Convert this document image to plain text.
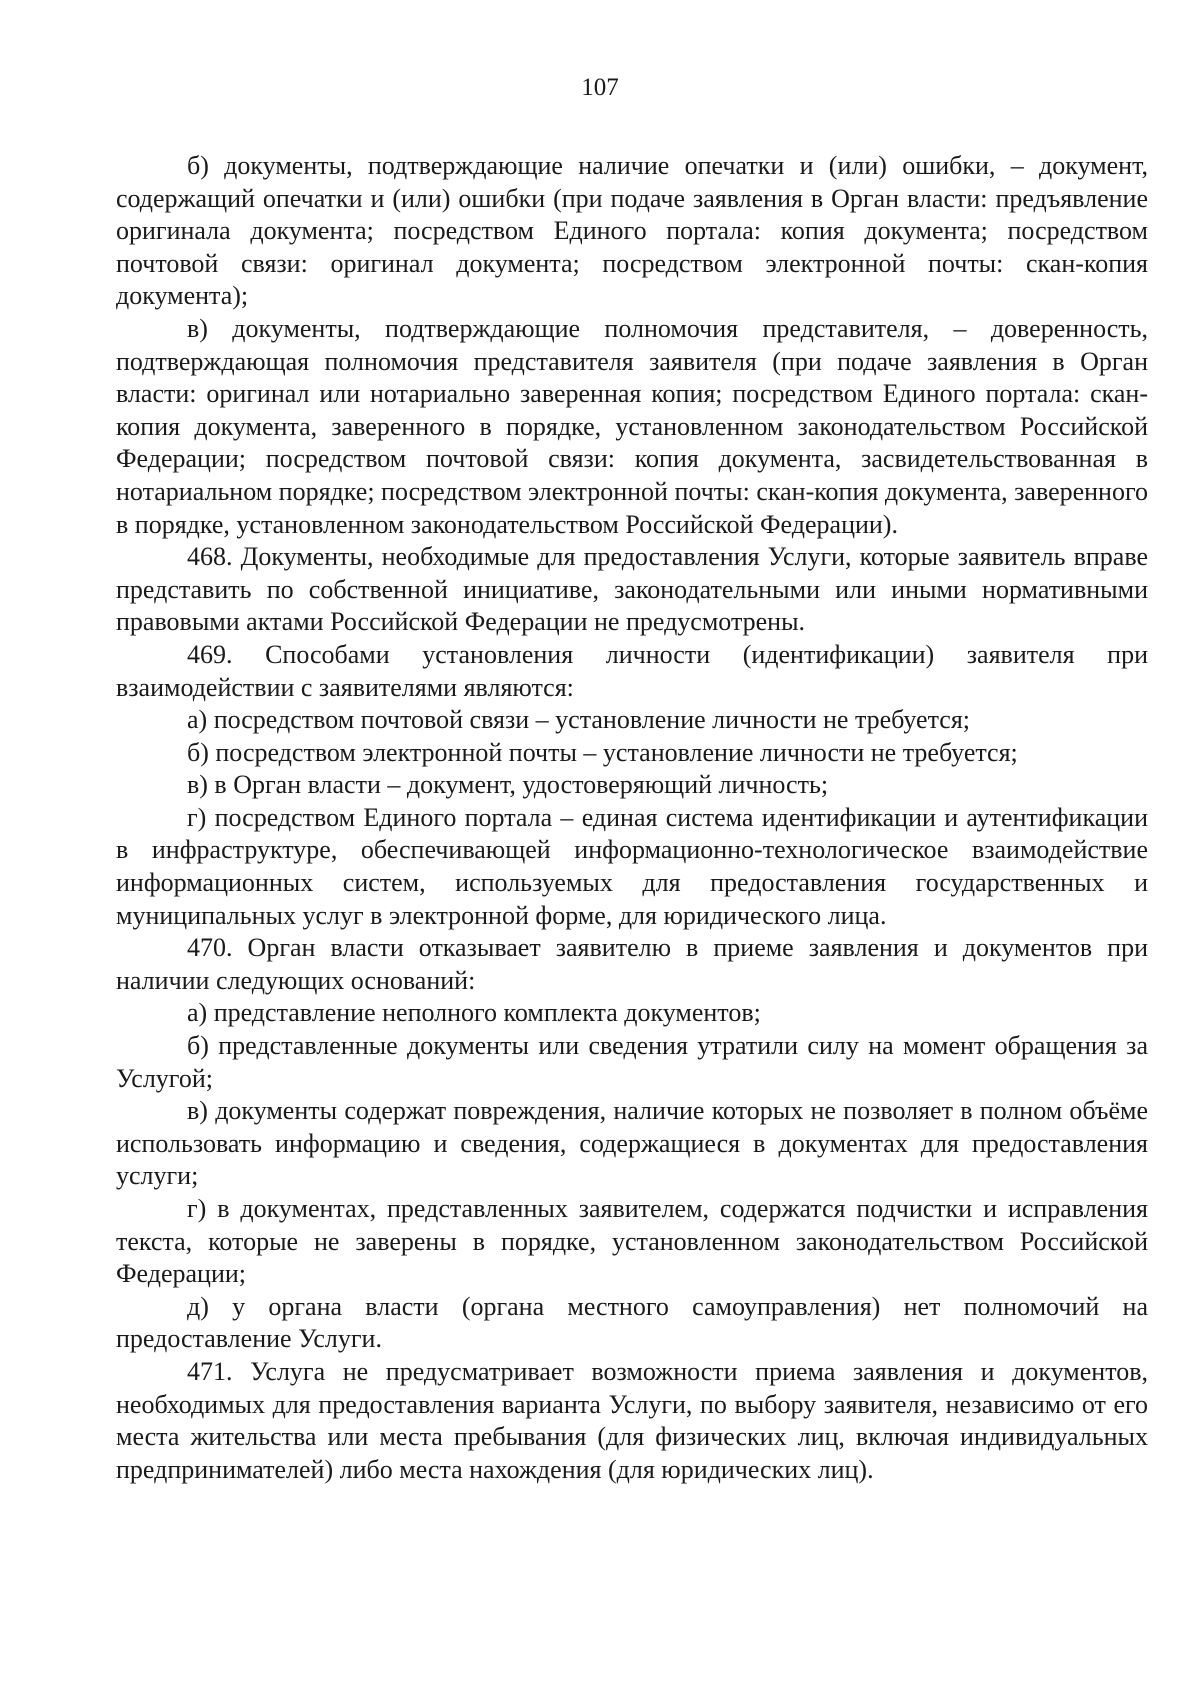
107

б) документы, подтверждающие наличие опечатки и (или) ошибки, – документ, содержащий опечатки и (или) ошибки (при подаче заявления в Орган власти: предъявление оригинала документа; посредством Единого портала: копия документа; посредством почтовой связи: оригинал документа; посредством электронной почты: скан-копия документа);

в) документы, подтверждающие полномочия представителя, – доверенность, подтверждающая полномочия представителя заявителя (при подаче заявления в Орган власти: оригинал или нотариально заверенная копия; посредством Единого портала: скан-копия документа, заверенного в порядке, установленном законодательством Российской Федерации; посредством почтовой связи: копия документа, засвидетельствованная в нотариальном порядке; посредством электронной почты: скан-копия документа, заверенного в порядке, установленном законодательством Российской Федерации).

468. Документы, необходимые для предоставления Услуги, которые заявитель вправе представить по собственной инициативе, законодательными или иными нормативными правовыми актами Российской Федерации не предусмотрены.

469. Способами установления личности (идентификации) заявителя при взаимодействии с заявителями являются:

а) посредством почтовой связи – установление личности не требуется;

б) посредством электронной почты – установление личности не требуется;

в) в Орган власти – документ, удостоверяющий личность;

г) посредством Единого портала – единая система идентификации и аутентификации в инфраструктуре, обеспечивающей информационно-технологическое взаимодействие информационных систем, используемых для предоставления государственных и муниципальных услуг в электронной форме, для юридического лица.

470. Орган власти отказывает заявителю в приеме заявления и документов при наличии следующих оснований:

а) представление неполного комплекта документов;

б) представленные документы или сведения утратили силу на момент обращения за Услугой;

в) документы содержат повреждения, наличие которых не позволяет в полном объёме использовать информацию и сведения, содержащиеся в документах для предоставления услуги;

г) в документах, представленных заявителем, содержатся подчистки и исправления текста, которые не заверены в порядке, установленном законодательством Российской Федерации;

д) у органа власти (органа местного самоуправления) нет полномочий на предоставление Услуги.

471. Услуга не предусматривает возможности приема заявления и документов, необходимых для предоставления варианта Услуги, по выбору заявителя, независимо от его места жительства или места пребывания (для физических лиц, включая индивидуальных предпринимателей) либо места нахождения (для юридических лиц).
